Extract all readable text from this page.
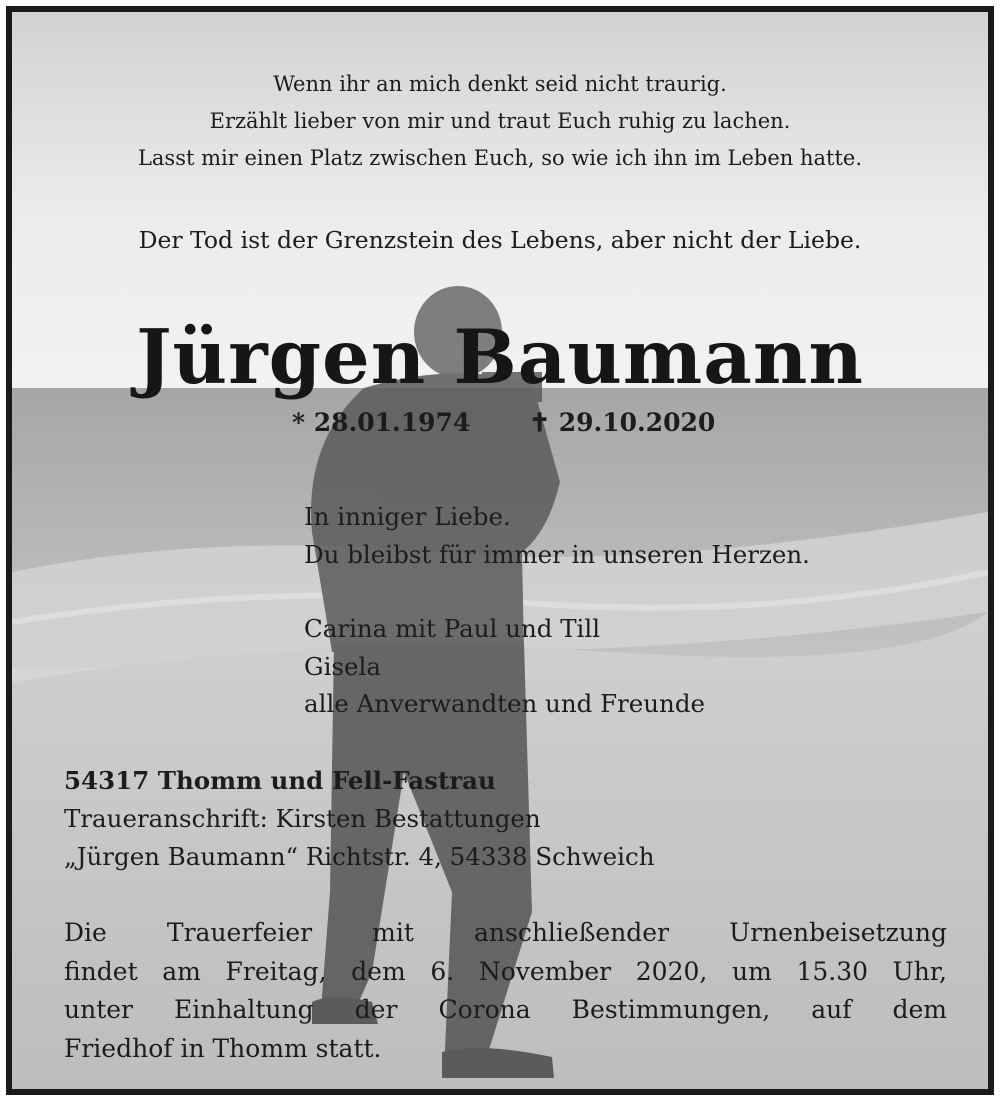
Wenn ihr an mich denkt seid nicht traurig.
Erzählt lieber von mir und traut Euch ruhig zu lachen.
Lasst mir einen Platz zwischen Euch, so wie ich ihn im Leben hatte.
Der Tod ist der Grenzstein des Lebens, aber nicht der Liebe.
Jürgen Baumann
* 28.01.1974 ✝ 29.10.2020
In inniger Liebe.
Du bleibst für immer in unseren Herzen.
Carina mit Paul und Till
Gisela
alle Anverwandten und Freunde
54317 Thomm und Fell-Fastrau
Traueranschrift: Kirsten Bestattungen
„Jürgen Baumann“ Richtstr. 4, 54338 Schweich

Die Trauerfeier mit anschließender Urnenbeisetzung

findet am Freitag, dem 6. November 2020, um 15.30 Uhr,

unter Einhaltung der Corona Bestimmungen, auf dem

Friedhof in Thomm statt.
